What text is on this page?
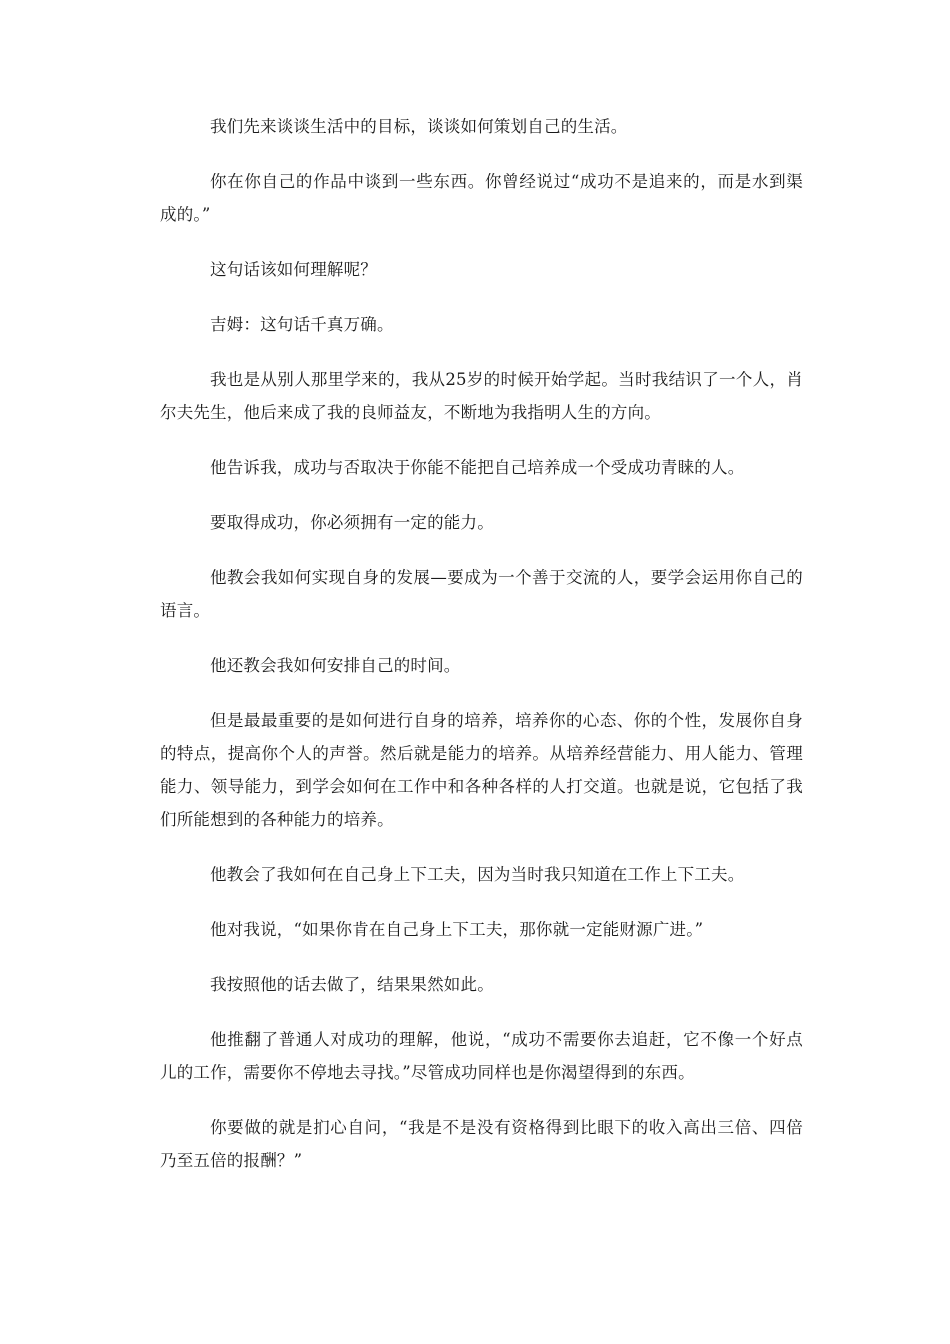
我们先来谈谈生活中的目标，谈谈如何策划自己的生活。

你在你自己的作品中谈到一些东西。你曾经说过“成功不是追来的，而是水到渠成的。”

这句话该如何理解呢？

吉姆：这句话千真万确。

我也是从别人那里学来的，我从25岁的时候开始学起。当时我结识了一个人，肖尔夫先生，他后来成了我的良师益友，不断地为我指明人生的方向。

他告诉我，成功与否取决于你能不能把自己培养成一个受成功青睐的人。

要取得成功，你必须拥有一定的能力。

他教会我如何实现自身的发展—要成为一个善于交流的人，要学会运用你自己的语言。

他还教会我如何安排自己的时间。

但是最最重要的是如何进行自身的培养，培养你的心态、你的个性，发展你自身的特点，提高你个人的声誉。然后就是能力的培养。从培养经营能力、用人能力、管理能力、领导能力，到学会如何在工作中和各种各样的人打交道。也就是说，它包括了我们所能想到的各种能力的培养。

他教会了我如何在自己身上下工夫，因为当时我只知道在工作上下工夫。

他对我说，“如果你肯在自己身上下工夫，那你就一定能财源广进。”

我按照他的话去做了，结果果然如此。

他推翻了普通人对成功的理解，他说，“成功不需要你去追赶，它不像一个好点儿的工作，需要你不停地去寻找。”尽管成功同样也是你渴望得到的东西。

你要做的就是扪心自问，“我是不是没有资格得到比眼下的收入高出三倍、四倍乃至五倍的报酬？”
